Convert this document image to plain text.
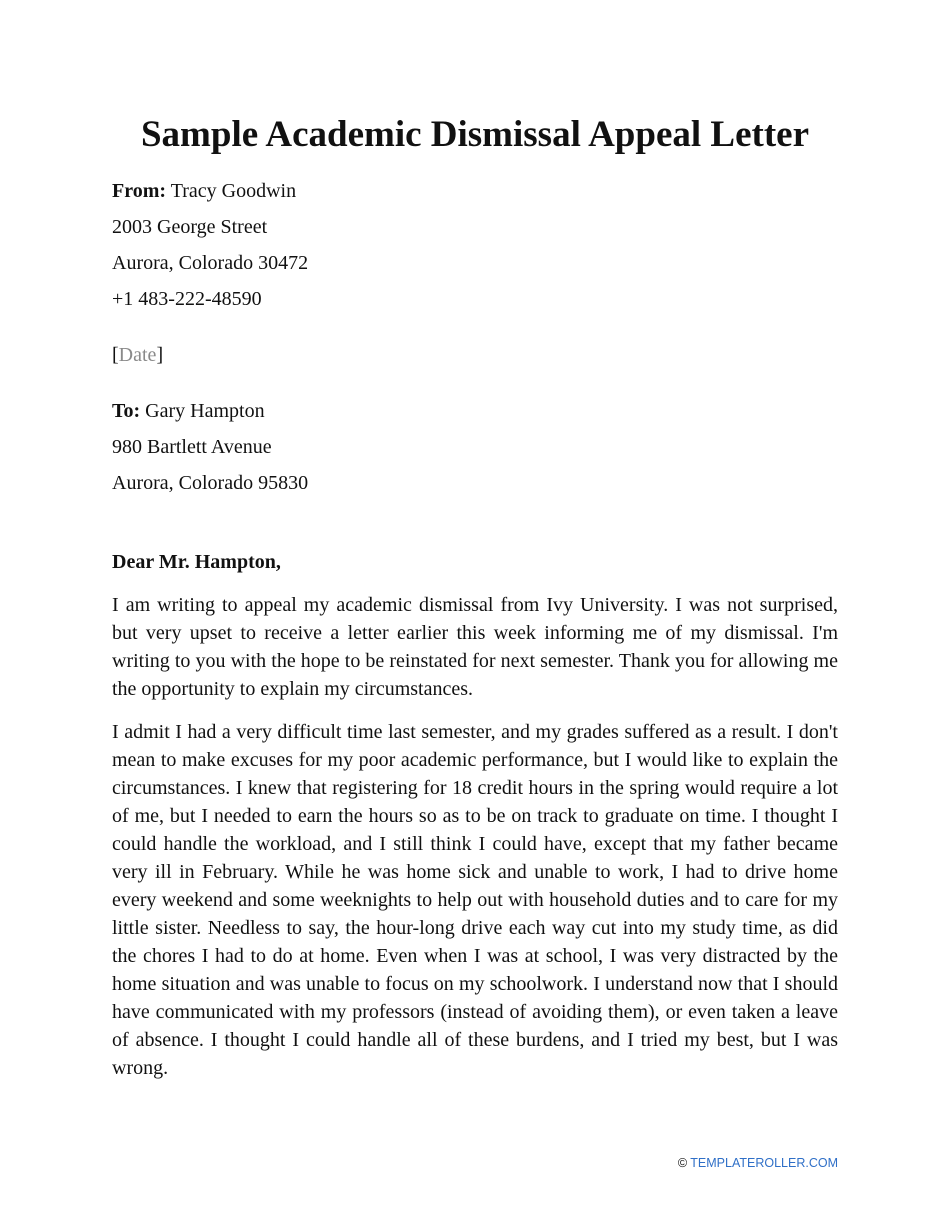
Sample Academic Dismissal Appeal Letter

From: Tracy Goodwin

2003 George Street

Aurora, Colorado 30472

+1 483-222-48590

[Date]

To: Gary Hampton

980 Bartlett Avenue

Aurora, Colorado 95830

Dear Mr. Hampton,

I am writing to appeal my academic dismissal from Ivy University. I was not surprised, but very upset to receive a letter earlier this week informing me of my dismissal. I'm writing to you with the hope to be reinstated for next semester. Thank you for allowing me the opportunity to explain my circumstances.

I admit I had a very difficult time last semester, and my grades suffered as a result. I don't mean to make excuses for my poor academic performance, but I would like to explain the circumstances. I knew that registering for 18 credit hours in the spring would require a lot of me, but I needed to earn the hours so as to be on track to graduate on time. I thought I could handle the workload, and I still think I could have, except that my father became very ill in February. While he was home sick and unable to work, I had to drive home every weekend and some weeknights to help out with household duties and to care for my little sister. Needless to say, the hour-long drive each way cut into my study time, as did the chores I had to do at home. Even when I was at school, I was very distracted by the home situation and was unable to focus on my schoolwork. I understand now that I should have communicated with my professors (instead of avoiding them), or even taken a leave of absence. I thought I could handle all of these burdens, and I tried my best, but I was wrong.

© TEMPLATEROLLER.COM
